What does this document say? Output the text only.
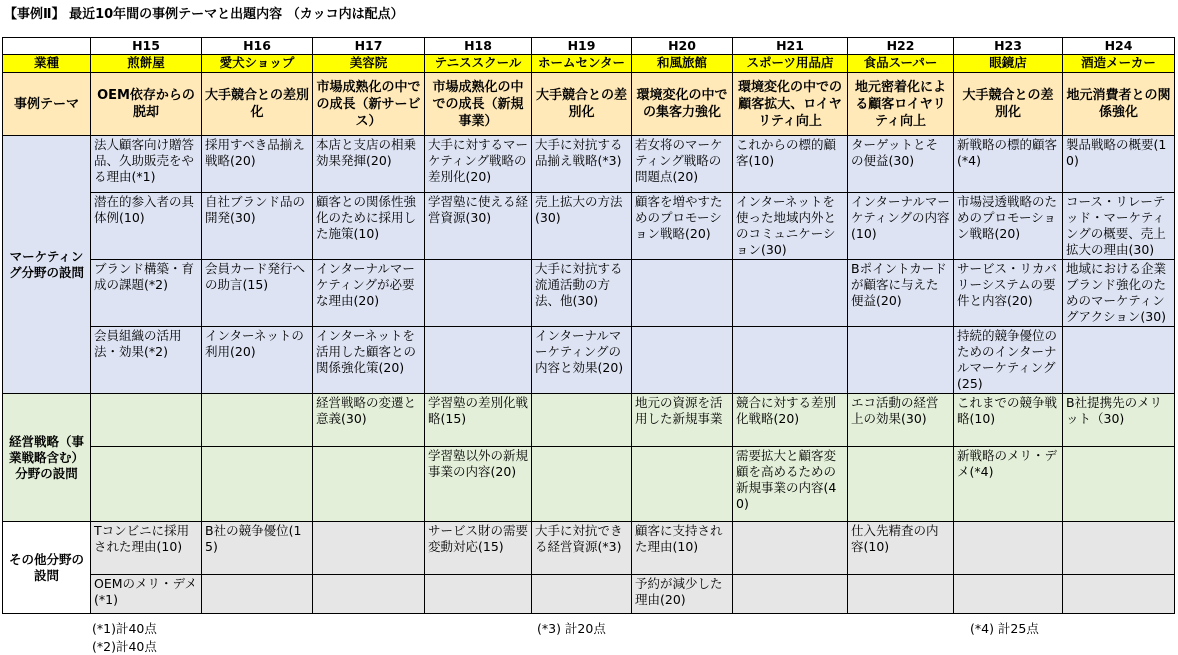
【事例Ⅱ】 最近10年間の事例テーマと出題内容 （カッコ内は配点）
	H15	H16	H17	H18	H19	H20	H21	H22	H23	H24
業種	煎餅屋	愛犬ショップ	美容院	テニススクール	ホームセンター	和風旅館	スポーツ用品店	食品スーパー	眼鏡店	酒造メーカー
事例テーマ	OEM依存からの脱却	大手競合との差別化	市場成熟化の中での成長（新サービス）	市場成熟化の中での成長（新規事業）	大手競合との差別化	環境変化の中での集客力強化	環境変化の中での顧客拡大、ロイヤリティ向上	地元密着化による顧客ロイヤリティ向上	大手競合との差別化	地元消費者との関係強化
マーケティング分野の設問	法人顧客向け贈答品、久助販売をやる理由(*1)	採用すべき品揃え戦略(20)	本店と支店の相乗効果発揮(20)	大手に対するマーケティング戦略の差別化(20)	大手に対抗する品揃え戦略(*3)	若女将のマーケティング戦略の問題点(20)	これからの標的顧客(10)	ターゲットとその便益(30)	新戦略の標的顧客(*4)	製品戦略の概要(10)
	潜在的参入者の具体例(10)	自社ブランド品の開発(30)	顧客との関係性強化のために採用した施策(10)	学習塾に使える経営資源(30)	売上拡大の方法(30)	顧客を増やすためのプロモーション戦略(20)	インターネットを使った地域内外とのコミュニケーション(30)	インターナルマーケティングの内容(10)	市場浸透戦略のためのプロモーション戦略(20)	コース・リレーテッド・マーケティングの概要、売上拡大の理由(30)
	ブランド構築・育成の課題(*2)	会員カード発行への助言(15)	インターナルマーケティングが必要な理由(20)		大手に対抗する流通活動の方法、他(30)			Bポイントカードが顧客に与えた便益(20)	サービス・リカバリーシステムの要件と内容(20)	地域における企業ブランド強化のためのマーケティングアクション(30)
	会員組織の活用法・効果(*2)	インターネットの利用(20)	インターネットを活用した顧客との関係強化策(20)		インターナルマーケティングの内容と効果(20)				持続的競争優位のためのインターナルマーケティング(25)	
経営戦略（事業戦略含む）分野の設問			経営戦略の変遷と意義(30)	学習塾の差別化戦略(15)		地元の資源を活用した新規事業	競合に対する差別化戦略(20)	エコ活動の経営上の効果(30)	これまでの競争戦略(10)	B社提携先のメリット（30)
				学習塾以外の新規事業の内容(20)			需要拡大と顧客変顧を高めるための新規事業の内容(40)		新戦略のメリ・デメ(*4)	
その他分野の設問	Tコンビニに採用された理由(10)	B社の競争優位(15)		サービス財の需要変動対応(15)	大手に対抗できる経営資源(*3)	顧客に支持された理由(10)		仕入先精査の内容(10)		
	OEMのメリ・デメ(*1)					予約が減少した理由(20)				
(*1)計40点
(*2)計40点
(*3) 計20点	(*4) 計25点
